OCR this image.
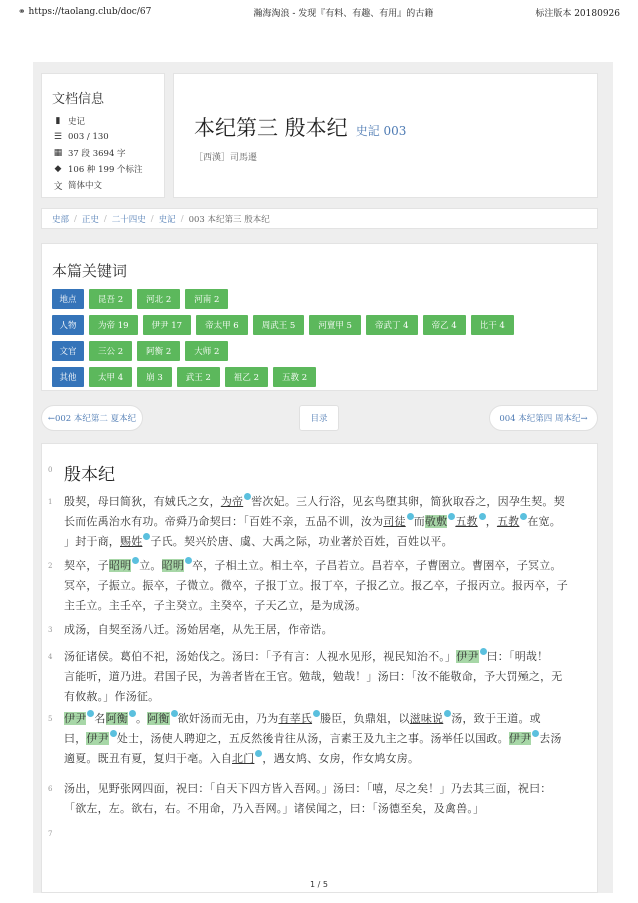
⚭ https://taolang.club/doc/67	瀚海淘浪 - 发现『有料、有趣、有用』的古籍	标注版本 20180926
文档信息
▮ 史记
☰ 003 / 130
▦ 37 段 3694 字
◆ 106 种 199 个标注
文 简体中文
本纪第三 殷本纪 史記 003
［西漢］司馬遷
史部 / 正史 / 二十四史 / 史記 / 003 本纪第三 殷本纪
本篇关键词
地点	昆吾 2	河北 2	河南 2
人物	为帝 19	伊尹 17	帝太甲 6	周武王 5	河亶甲 5	帝武丁 4	帝乙 4	比干 4
文官	三公 2	阿衡 2	大师 2
其他	太甲 4	崩 3	武王 2	祖乙 2	五教 2
←002 本纪第二 夏本纪	目录	004 本纪第四 周本纪→
0 殷本纪
1 殷契，母曰简狄，有娀氏之女，为帝 喾次妃。三人行浴，见玄鸟堕其卵，简狄取吞之，因孕生契。契
长而佐禹治水有功。帝舜乃命契曰：「百姓不亲，五品不训，汝为司徒 而敬敷 五教 ，五教 在宽。
」封于商，赐姓 子氏。契兴於唐、虞、大禹之际，功业著於百姓，百姓以平。
2 契卒，子昭明 立。昭明 卒，子相土立。相土卒，子昌若立。昌若卒，子曹圉立。曹圉卒，子冥立。
冥卒，子振立。振卒，子微立。微卒，子报丁立。报丁卒，子报乙立。报乙卒，子报丙立。报丙卒，子
主壬立。主壬卒，子主癸立。主癸卒，子天乙立，是为成汤。
3 成汤，自契至汤八迁。汤始居亳，从先王居，作帝诰。
4 汤征诸侯。葛伯不祀，汤始伐之。汤曰：「予有言：人视水见形，视民知治不。」伊尹 曰：「明哉！
言能听，道乃进。君国子民，为善者皆在王官。勉哉，勉哉！」汤曰：「汝不能敬命，予大罚殛之，无
有攸赦。」作汤征。
5 伊尹 名阿衡 。阿衡 欲奸汤而无由，乃为有莘氏 媵臣，负鼎俎，以滋味说 汤，致于王道。或
曰，伊尹 处士，汤使人聘迎之，五反然後肯往从汤，言素王及九主之事。汤举任以国政。伊尹 去汤
適夏。既丑有夏，复归于亳。入自北门 ，遇女鸠、女房，作女鸠女房。
6 汤出，见野张网四面，祝曰：「自天下四方皆入吾网。」汤曰：「嘻，尽之矣！」乃去其三面，祝曰：
「欲左，左。欲右，右。不用命，乃入吾网。」诸侯闻之，曰：「汤德至矣，及禽兽。」
7
1 / 5
